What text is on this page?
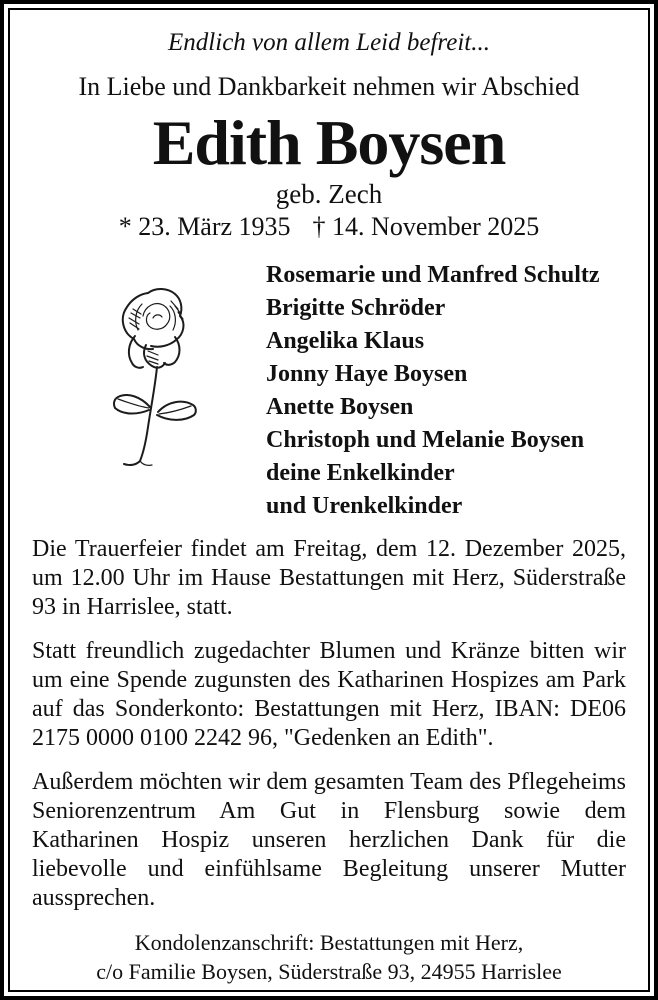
Endlich von allem Leid befreit...
In Liebe und Dankbarkeit nehmen wir Abschied
Edith Boysen
geb. Zech
* 23. März 1935 † 14. November 2025
Rosemarie und Manfred Schultz
Brigitte Schröder
Angelika Klaus
Jonny Haye Boysen
Anette Boysen
Christoph und Melanie Boysen
deine Enkelkinder
und Urenkelkinder

Die Trauerfeier findet am Freitag, dem 12. Dezember 2025, um 12.00 Uhr im Hause Bestattungen mit Herz, Süderstraße 93 in Harrislee, statt.

Statt freundlich zugedachter Blumen und Kränze bitten wir um eine Spende zugunsten des Katharinen Hospizes am Park auf das Sonderkonto: Bestattungen mit Herz, IBAN: DE06 2175 0000 0100 2242 96, "Gedenken an Edith".

Außerdem möchten wir dem gesamten Team des Pflegeheims Seniorenzentrum Am Gut in Flensburg sowie dem Katharinen Hospiz unseren herzlichen Dank für die liebevolle und einfühlsame Begleitung unserer Mutter aussprechen.

Kondolenzanschrift: Bestattungen mit Herz,
c/o Familie Boysen, Süderstraße 93, 24955 Harrislee
